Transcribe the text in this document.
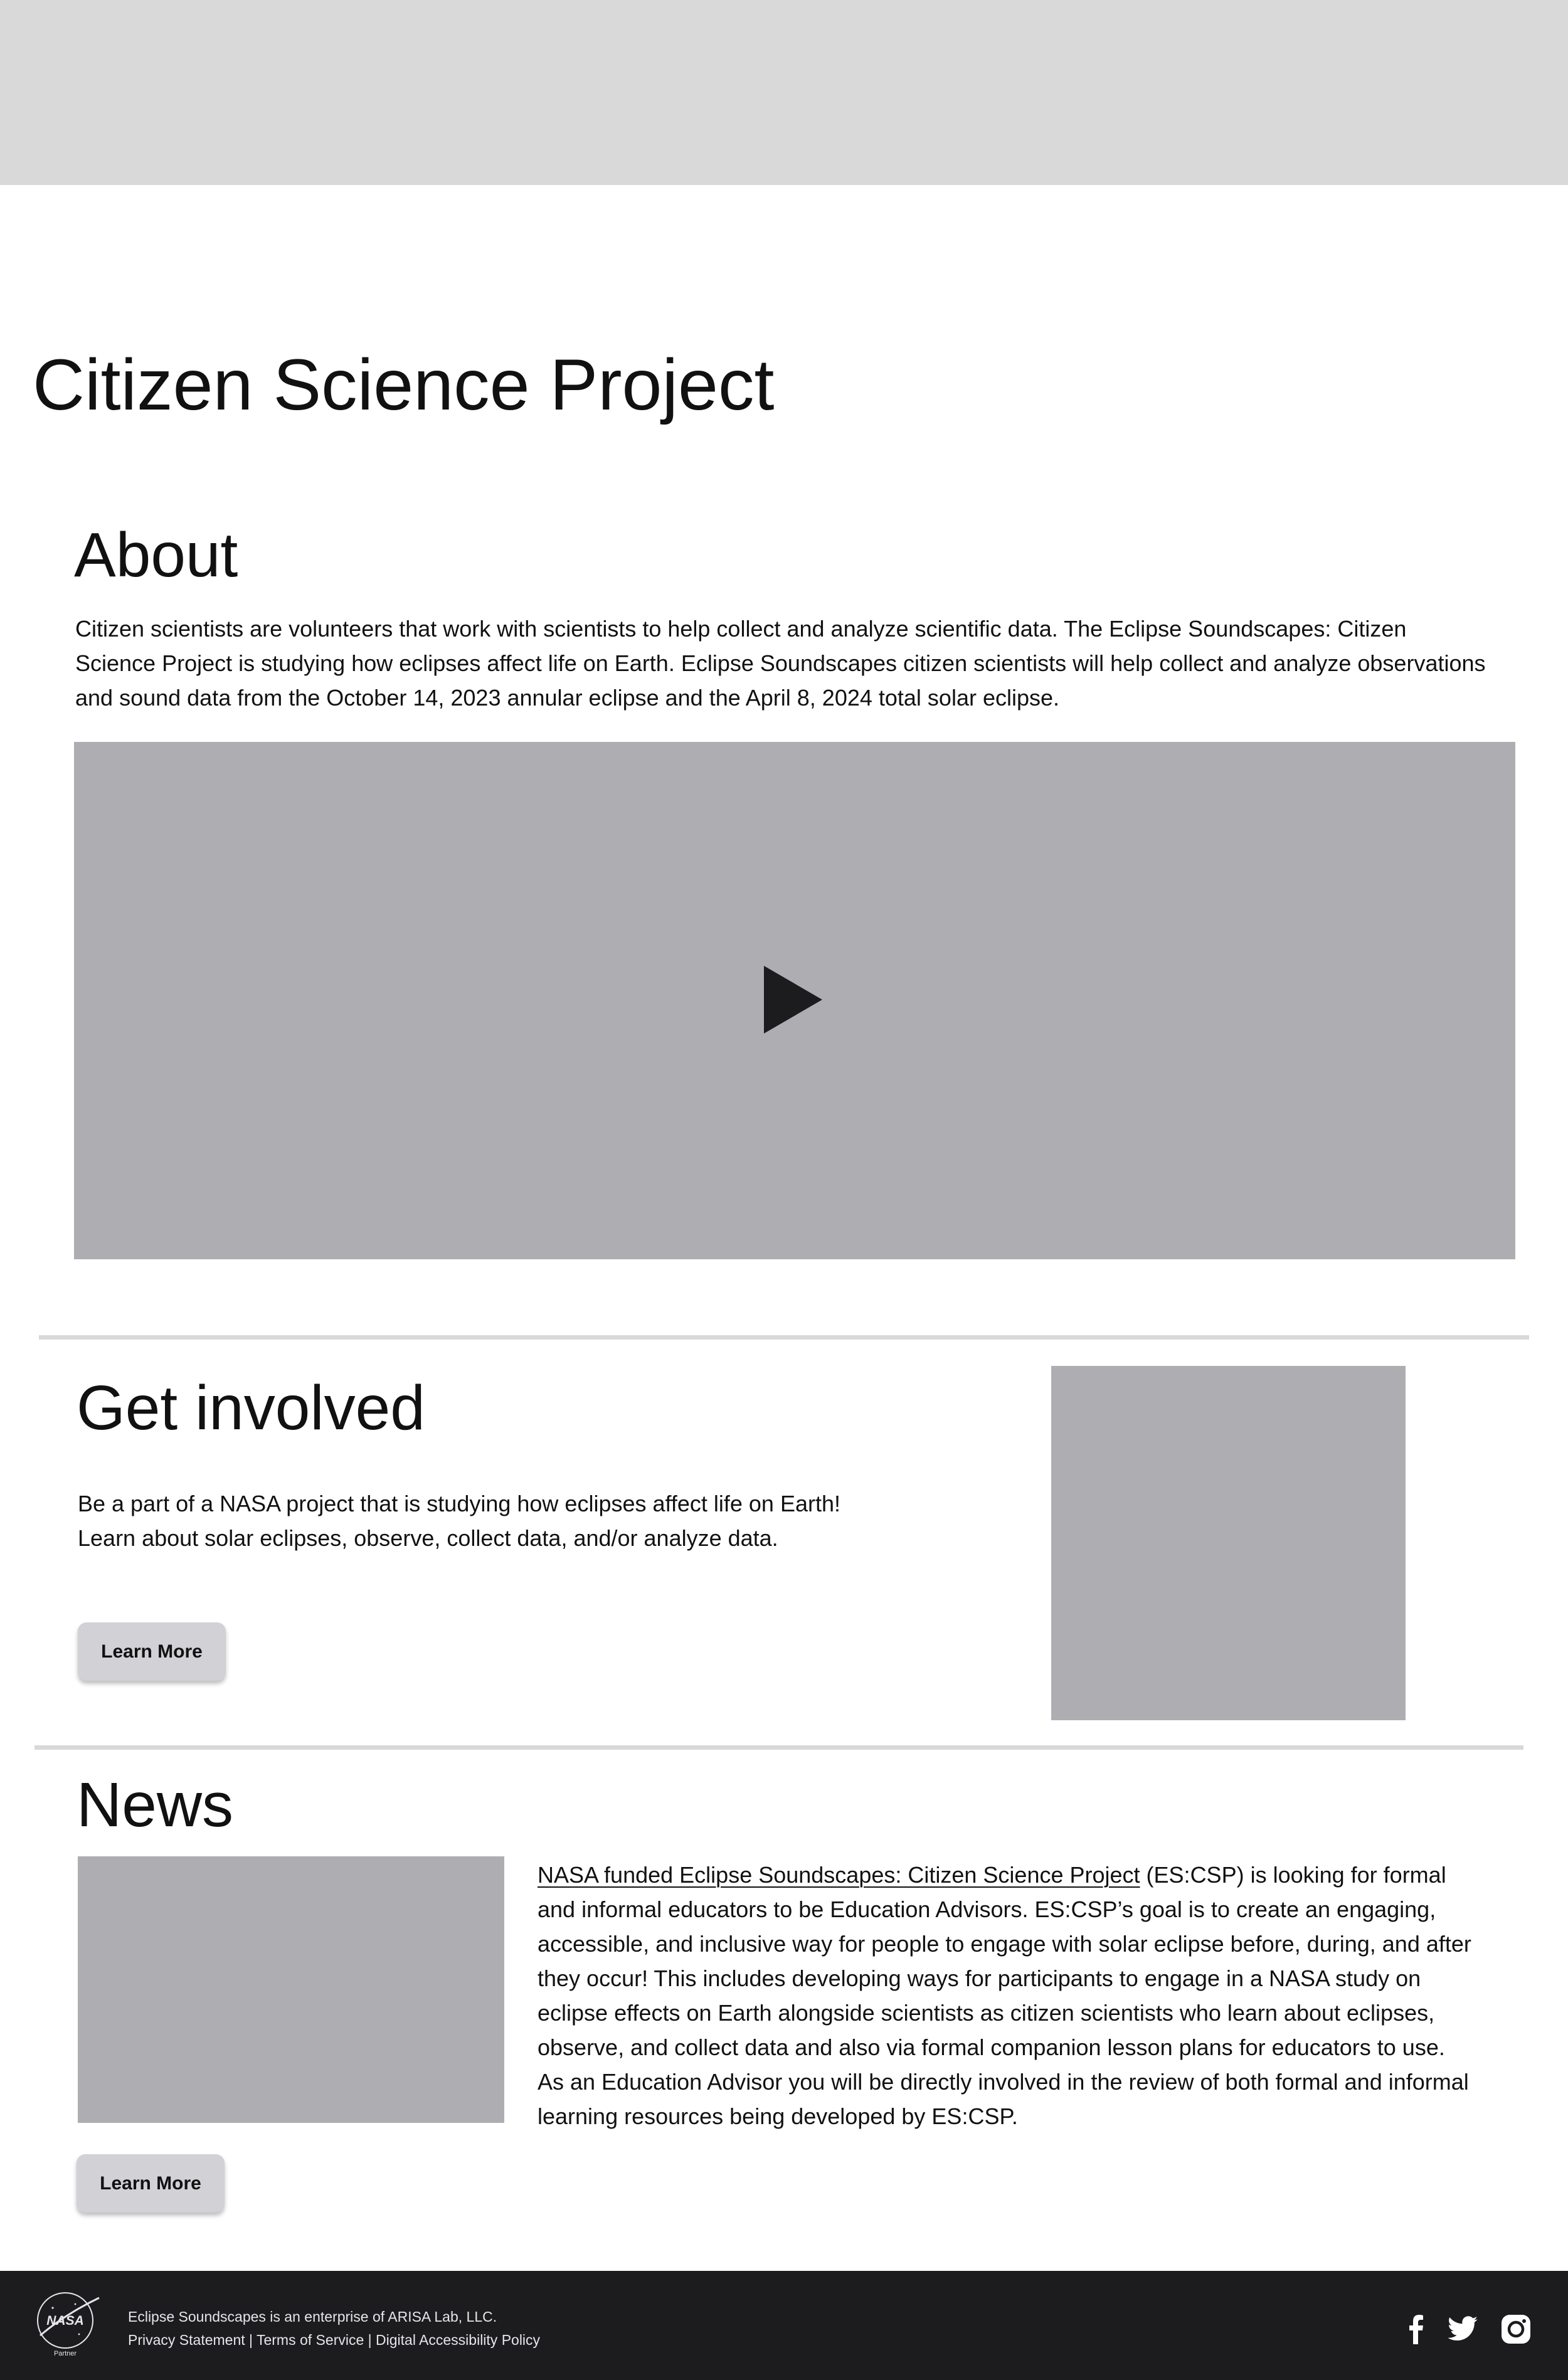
Citizen Science Project
About

Citizen scientists are volunteers that work with scientists to help collect and analyze scientific data. The Eclipse Soundscapes: Citizen Science Project is studying how eclipses affect life on Earth. Eclipse Soundscapes citizen scientists will help collect and analyze observations and sound data from the October 14, 2023 annular eclipse and the April 8, 2024 total solar eclipse.

Get involved
Be a part of a NASA project that is studying how eclipses affect life on Earth!
Learn about solar eclipses, observe, collect data, and/or analyze data.
Learn More
News

NASA funded Eclipse Soundscapes: Citizen Science Project (ES:CSP) is looking for formal and informal educators to be Education Advisors. ES:CSP’s goal is to create an engaging, accessible, and inclusive way for people to engage with solar eclipse before, during, and after they occur! This includes developing ways for participants to engage in a NASA study on eclipse effects on Earth alongside scientists as citizen scientists who learn about eclipses, observe, and collect data and also via formal companion lesson plans for educators to use. As an Education Advisor you will be directly involved in the review of both formal and informal learning resources being developed by ES:CSP.

Learn More
NASA
Partner
Eclipse Soundscapes is an enterprise of ARISA Lab, LLC.
Privacy Statement | Terms of Service | Digital Accessibility Policy
